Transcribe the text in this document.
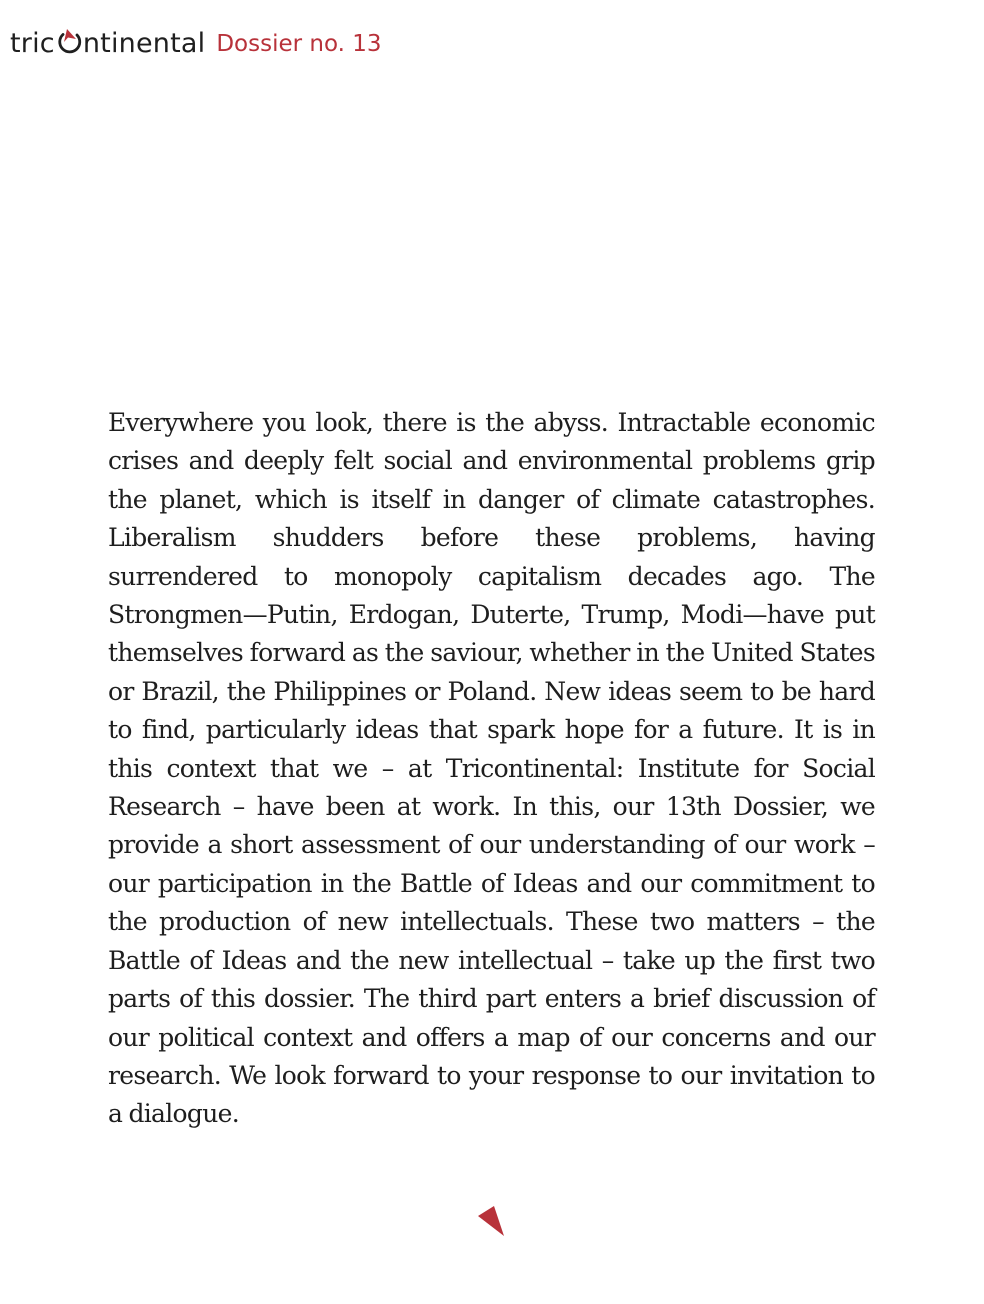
tric ntinental Dossier no. 13

Everywhere you look, there is the abyss. Intractable economic crises and deeply felt social and environmental problems grip the planet, which is itself in danger of climate catastrophes. Liberalism shudders before these problems, having surrendered to monopoly capitalism decades ago. The Strongmen—Putin, Erdogan, Duterte, Trump, Modi—have put themselves forward as the saviour, whether in the United States or Brazil, the Philippines or Poland. New ideas seem to be hard to find, particularly ideas that spark hope for a future. It is in this context that we – at Tricontinental: Institute for Social Research – have been at work. In this, our 13th Dossier, we provide a short assessment of our understanding of our work – our participation in the Battle of Ideas and our commitment to the production of new intellectuals. These two matters – the Battle of Ideas and the new intellectual – take up the first two parts of this dossier. The third part enters a brief discussion of our political context and offers a map of our concerns and our research. We look forward to your response to our invitation to a dialogue.
